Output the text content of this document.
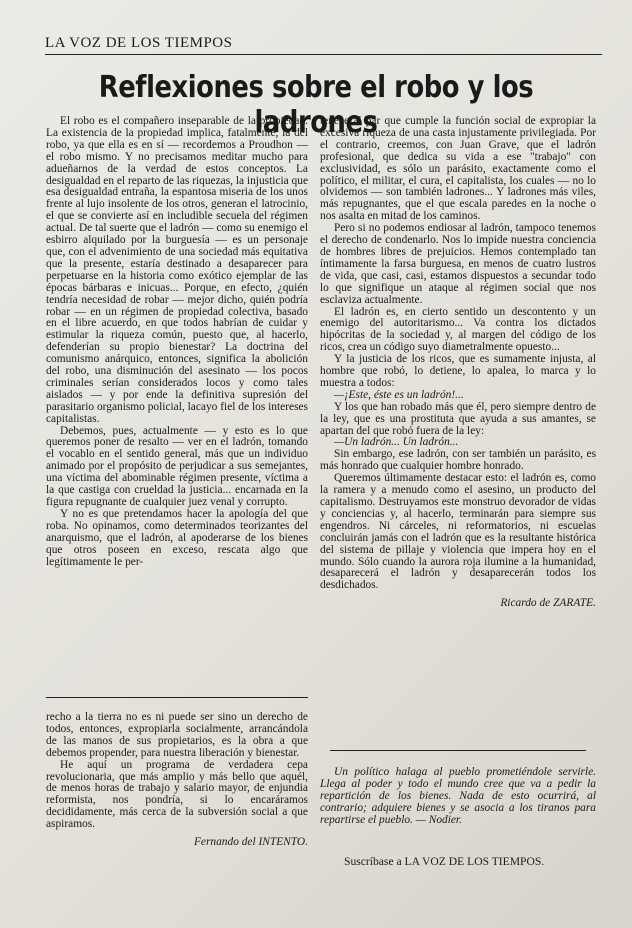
LA VOZ DE LOS TIEMPOS
Reflexiones sobre el robo y los ladrones

El robo es el compañero inseparable de la propiedad. La existencia de la propiedad implica, fatalmente, la del robo, ya que ella es en sí — recordemos a Proudhon — el robo mismo. Y no precisamos meditar mucho para adueñarnos de la verdad de estos conceptos. La desigualdad en el reparto de las riquezas, la injusticia que esa desigualdad entraña, la espantosa miseria de los unos frente al lujo insolente de los otros, generan el latrocinio, el que se convierte así en includible secuela del régimen actual. De tal suerte que el ladrón — como su enemigo el esbirro alquilado por la burguesía — es un personaje que, con el advenimiento de una sociedad más equitativa que la presente, estaría destinado a desaparecer para perpetuarse en la historia como exótico ejemplar de las épocas bárbaras e inicuas... Porque, en efecto, ¿quién tendría necesidad de robar — mejor dicho, quién podría robar — en un régimen de propiedad colectiva, basado en el libre acuerdo, en que todos habrían de cuidar y estimular la riqueza común, puesto que, al hacerlo, defenderían su propio bienestar? La doctrina del comunismo anárquico, entonces, significa la abolición del robo, una disminución del asesinato — los pocos criminales serían considerados locos y como tales aislados — y por ende la definitiva supresión del parasitario organismo policial, lacayo fiel de los intereses capitalistas.

Debemos, pues, actualmente — y esto es lo que queremos poner de resalto — ver en el ladrón, tomando el vocablo en el sentido general, más que un individuo animado por el propósito de perjudicar a sus semejantes, una víctima del abominable régimen presente, víctima a la que castiga con crueldad la justicia... encarnada en la figura repugnante de cualquier juez venal y corrupto.

Y no es que pretendamos hacer la apología del que roba. No opinamos, como determinados teorizantes del anarquismo, que el ladrón, al apoderarse de los bienes que otros poseen en exceso, rescata algo que legítimamente le per-

tenece al par que cumple la función social de expropiar la excesiva riqueza de una casta injustamente privilegiada. Por el contrario, creemos, con Juan Grave, que el ladrón profesional, que dedica su vida a ese "trabajo" con exclusividad, es sólo un parásito, exactamente como el político, el militar, el cura, el capitalista, los cuales — no lo olvidemos — son también ladrones... Y ladrones más viles, más repugnantes, que el que escala paredes en la noche o nos asalta en mitad de los caminos.

Pero si no podemos endiosar al ladrón, tampoco tenemos el derecho de condenarlo. Nos lo impide nuestra conciencia de hombres libres de prejuicios. Hemos contemplado tan íntimamente la farsa burguesa, en menos de cuatro lustros de vida, que casi, casi, estamos dispuestos a secundar todo lo que signifique un ataque al régimen social que nos esclaviza actualmente.

El ladrón es, en cierto sentido un descontento y un enemigo del autoritarismo... Va contra los dictados hipócritas de la sociedad y, al margen del código de los ricos, crea un código suyo diametralmente opuesto...

Y la justicia de los ricos, que es sumamente injusta, al hombre que robó, lo detiene, lo apalea, lo marca y lo muestra a todos:

—¡Este, éste es un ladrón!...

Y los que han robado más que él, pero siempre dentro de la ley, que es una prostituta que ayuda a sus amantes, se apartan del que robó fuera de la ley:

—Un ladrón... Un ladrón...

Sin embargo, ese ladrón, con ser también un parásito, es más honrado que cualquier hombre honrado.

Queremos últimamente destacar esto: el ladrón es, como la ramera y a menudo como el asesino, un producto del capitalismo. Destruyamos este monstruo devorador de vidas y conciencias y, al hacerlo, terminarán para siempre sus engendros. Ni cárceles, ni reformatorios, ni escuelas concluirán jamás con el ladrón que es la resultante histórica del sistema de pillaje y violencia que impera hoy en el mundo. Sólo cuando la aurora roja ilumine a la humanidad, desaparecerá el ladrón y desaparecerán todos los desdichados.

Ricardo de ZARATE.

recho a la tierra no es ni puede ser sino un derecho de todos, entonces, expropiarla socialmente, arrancándola de las manos de sus propietarios, es la obra a que debemos propender, para nuestra liberación y bienestar.

He aquí un programa de verdadera cepa revolucionaria, que más amplio y más bello que aquél, de menos horas de trabajo y salario mayor, de enjundia reformista, nos pondría, si lo encaráramos decididamente, más cerca de la subversión social a que aspiramos.

Fernando del INTENTO.

Un político halaga al pueblo prometiéndole servirle. Llega al poder y todo el mundo cree que va a pedir la repartición de los bienes. Nada de esto ocurrirá, al contrario; adquiere bienes y se asocia a los tiranos para repartirse el pueblo. — Nodier.

Suscríbase a LA VOZ DE LOS TIEMPOS.
